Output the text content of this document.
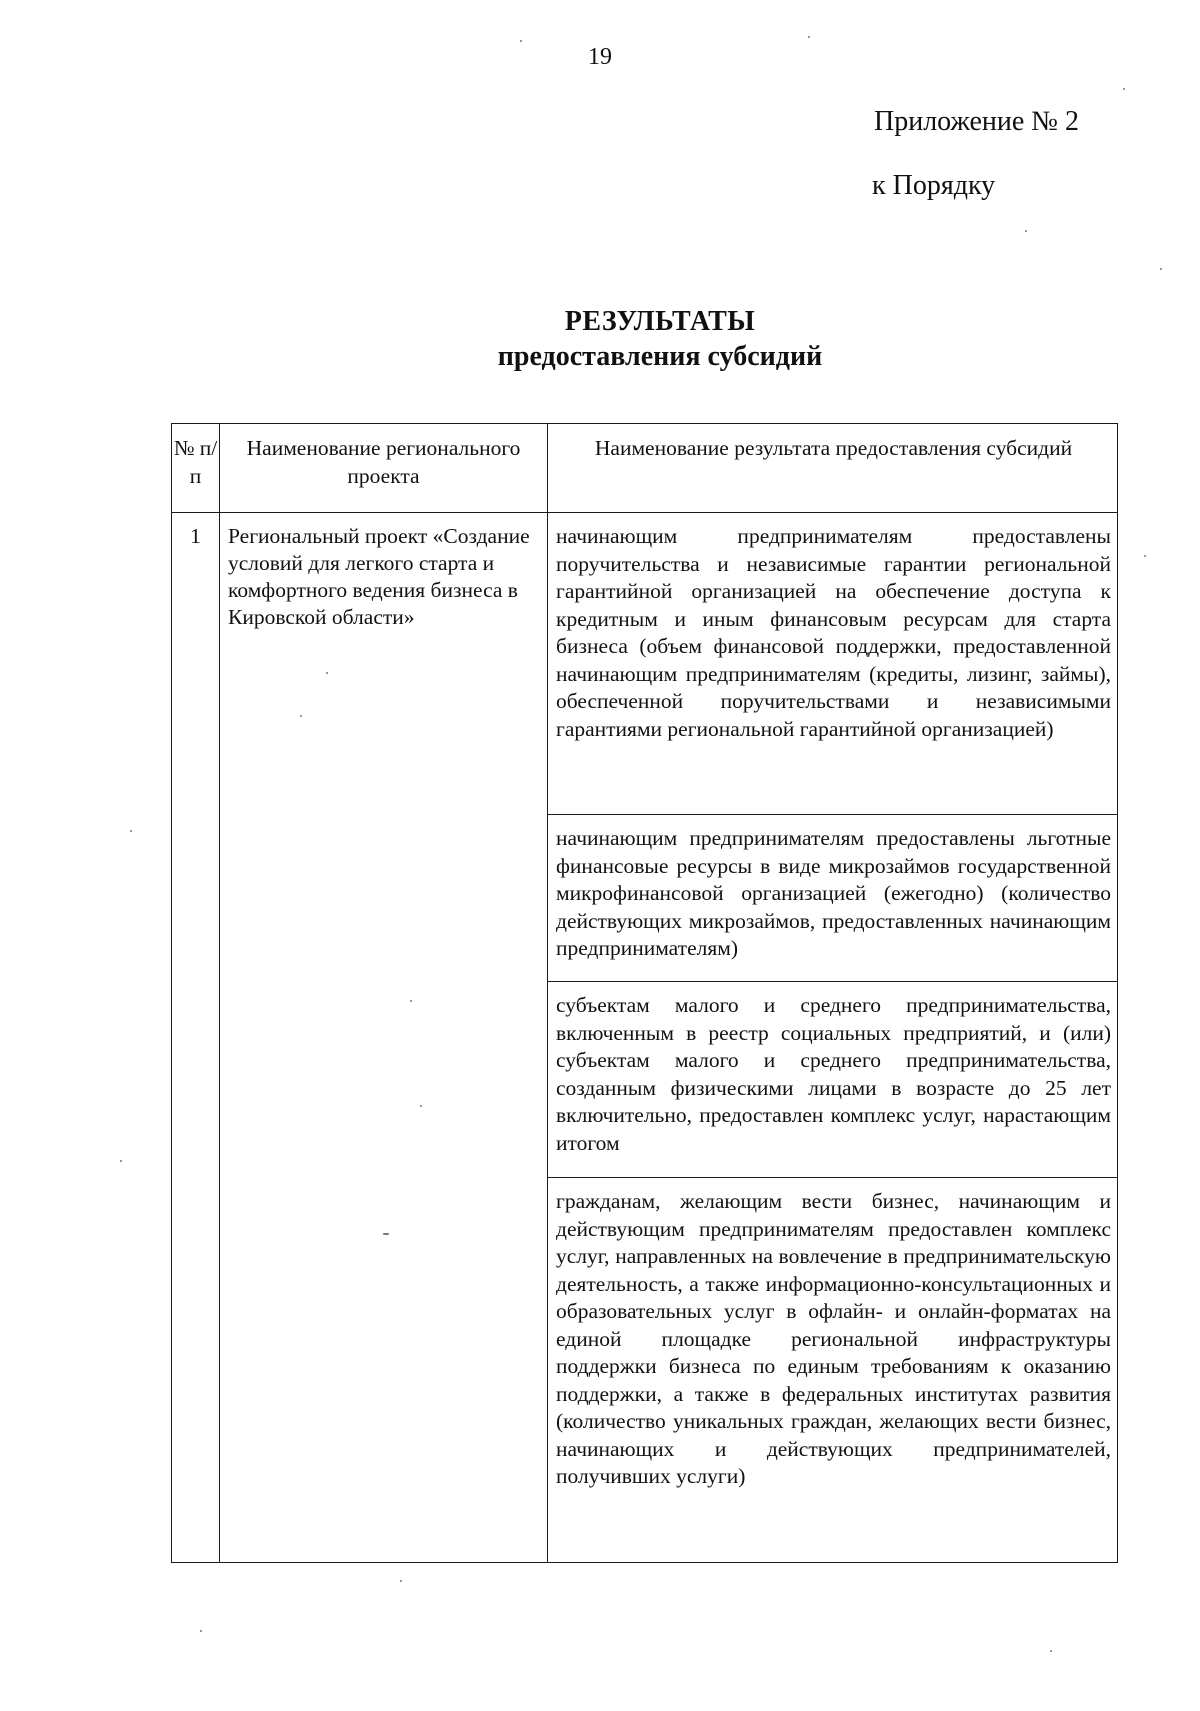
19
Приложение № 2
к Порядку
РЕЗУЛЬТАТЫ
предоставления субсидий
№ п/п	Наименование регионального проекта	Наименование результата предоставления субсидий
1	Региональный проект «Создание условий для легкого старта и комфортного ведения бизнеса в Кировской области»	начинающим предпринимателям предоставлены поручительства и независимые гарантии региональной гарантийной организацией на обеспечение доступа к кредитным и иным финансовым ресурсам для старта бизнеса (объем финансовой поддержки, предоставленной начинающим предпринимателям (кредиты, лизинг, займы), обеспеченной поручительствами и независимыми гарантиями региональной гарантийной организацией)
		начинающим предпринимателям предоставлены льготные финансовые ресурсы в виде микрозаймов государственной микрофинансовой организацией (ежегодно) (количество действующих микрозаймов, предоставленных начинающим предпринимателям)
		субъектам малого и среднего предпринимательства, включенным в реестр социальных предприятий, и (или) субъектам малого и среднего предпринимательства, созданным физическими лицами в возрасте до 25 лет включительно, предоставлен комплекс услуг, нарастающим итогом
		гражданам, желающим вести бизнес, начинающим и действующим предпринимателям предоставлен комплекс услуг, направленных на вовлечение в предпринимательскую деятельность, а также информационно-консультационных и образовательных услуг в офлайн- и онлайн-форматах на единой площадке региональной инфраструктуры поддержки бизнеса по единым требованиям к оказанию поддержки, а также в федеральных институтах развития (количество уникальных граждан, желающих вести бизнес, начинающих и действующих предпринимателей, получивших услуги)
